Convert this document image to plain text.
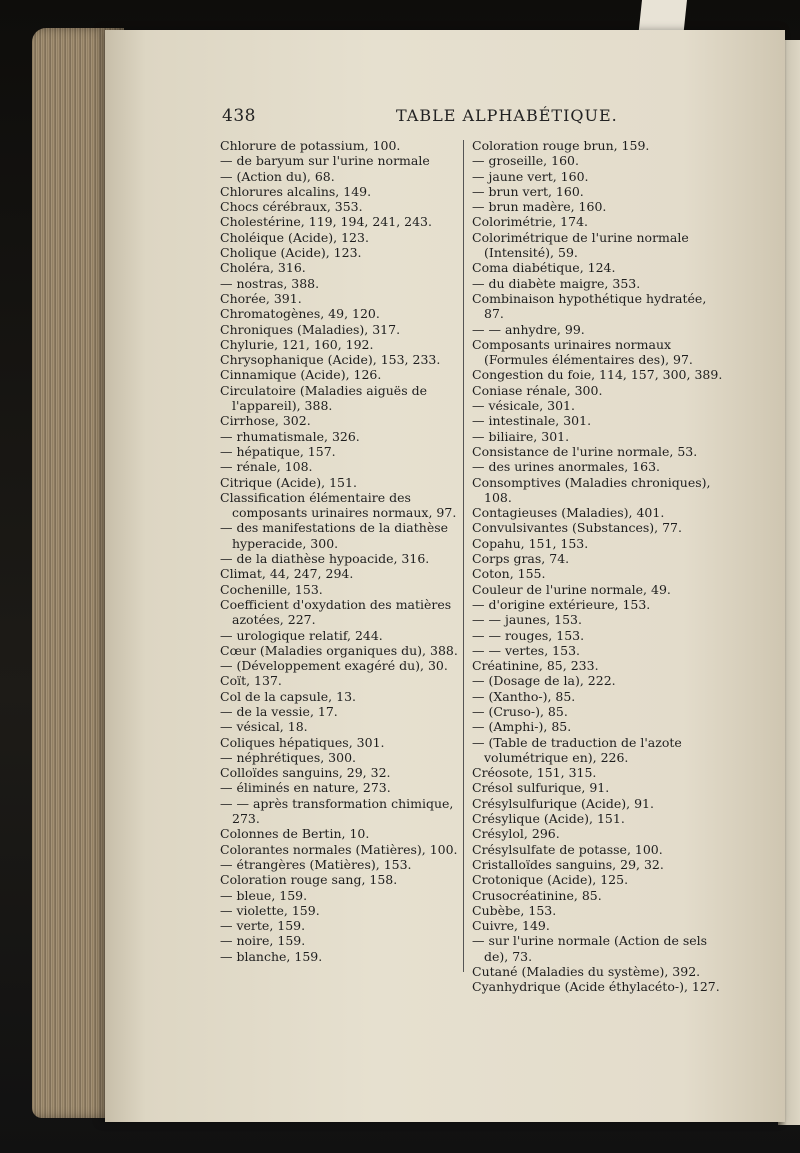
438	TABLE ALPHABÉTIQUE.
Chlorure de potassium, 100.
— de baryum sur l'urine normale
— (Action du), 68.
Chlorures alcalins, 149.
Chocs cérébraux, 353.
Cholestérine, 119, 194, 241, 243.
Choléique (Acide), 123.
Cholique (Acide), 123.
Choléra, 316.
— nostras, 388.
Chorée, 391.
Chromatogènes, 49, 120.
Chroniques (Maladies), 317.
Chylurie, 121, 160, 192.
Chrysophanique (Acide), 153, 233.
Cinnamique (Acide), 126.
Circulatoire (Maladies aiguës de l'appareil), 388.
Cirrhose, 302.
— rhumatismale, 326.
— hépatique, 157.
— rénale, 108.
Citrique (Acide), 151.
Classification élémentaire des composants urinaires normaux, 97.
— des manifestations de la diathèse hyperacide, 300.
— de la diathèse hypoacide, 316.
Climat, 44, 247, 294.
Cochenille, 153.
Coefficient d'oxydation des matières azotées, 227.
— urologique relatif, 244.
Cœur (Maladies organiques du), 388.
— (Développement exagéré du), 30.
Coït, 137.
Col de la capsule, 13.
— de la vessie, 17.
— vésical, 18.
Coliques hépatiques, 301.
— néphrétiques, 300.
Colloïdes sanguins, 29, 32.
— éliminés en nature, 273.
— — après transformation chimique, 273.
Colonnes de Bertin, 10.
Colorantes normales (Matières), 100.
— étrangères (Matières), 153.
Coloration rouge sang, 158.
— bleue, 159.
— violette, 159.
— verte, 159.
— noire, 159.
— blanche, 159.
Coloration rouge brun, 159.
— groseille, 160.
— jaune vert, 160.
— brun vert, 160.
— brun madère, 160.
Colorimétrie, 174.
Colorimétrique de l'urine normale (Intensité), 59.
Coma diabétique, 124.
— du diabète maigre, 353.
Combinaison hypothétique hydratée, 87.
— — anhydre, 99.
Composants urinaires normaux (Formules élémentaires des), 97.
Congestion du foie, 114, 157, 300, 389.
Coniase rénale, 300.
— vésicale, 301.
— intestinale, 301.
— biliaire, 301.
Consistance de l'urine normale, 53.
— des urines anormales, 163.
Consomptives (Maladies chroniques), 108.
Contagieuses (Maladies), 401.
Convulsivantes (Substances), 77.
Copahu, 151, 153.
Corps gras, 74.
Coton, 155.
Couleur de l'urine normale, 49.
— d'origine extérieure, 153.
— — jaunes, 153.
— — rouges, 153.
— — vertes, 153.
Créatinine, 85, 233.
— (Dosage de la), 222.
— (Xantho-), 85.
— (Cruso-), 85.
— (Amphi-), 85.
— (Table de traduction de l'azote volumétrique en), 226.
Créosote, 151, 315.
Crésol sulfurique, 91.
Crésylsulfurique (Acide), 91.
Crésylique (Acide), 151.
Crésylol, 296.
Crésylsulfate de potasse, 100.
Cristalloïdes sanguins, 29, 32.
Crotonique (Acide), 125.
Crusocréatinine, 85.
Cubèbe, 153.
Cuivre, 149.
— sur l'urine normale (Action de sels de), 73.
Cutané (Maladies du système), 392.
Cyanhydrique (Acide éthylacéto-), 127.
